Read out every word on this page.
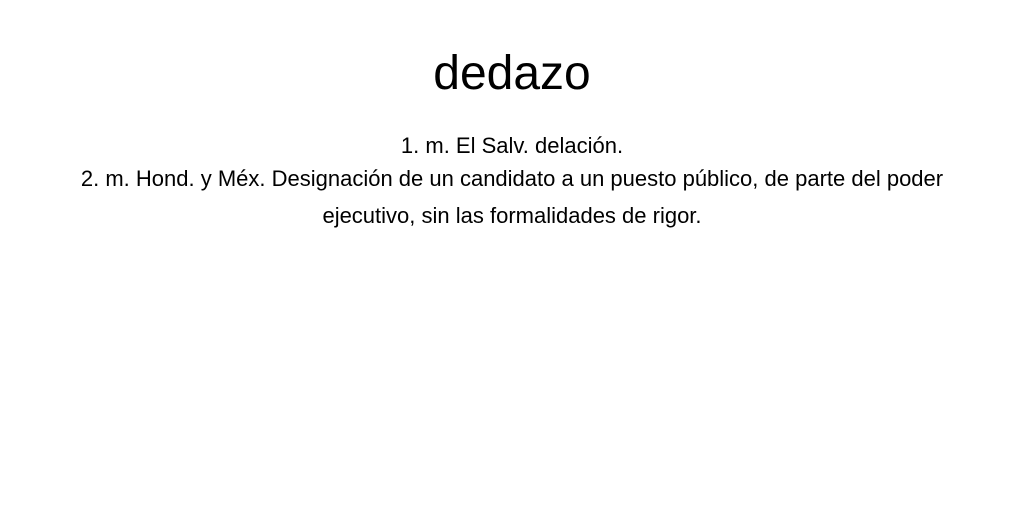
dedazo
1. m. El Salv. delación.
2. m. Hond. y Méx. Designación de un candidato a un puesto público, de parte del poder ejecutivo, sin las formalidades de rigor.
